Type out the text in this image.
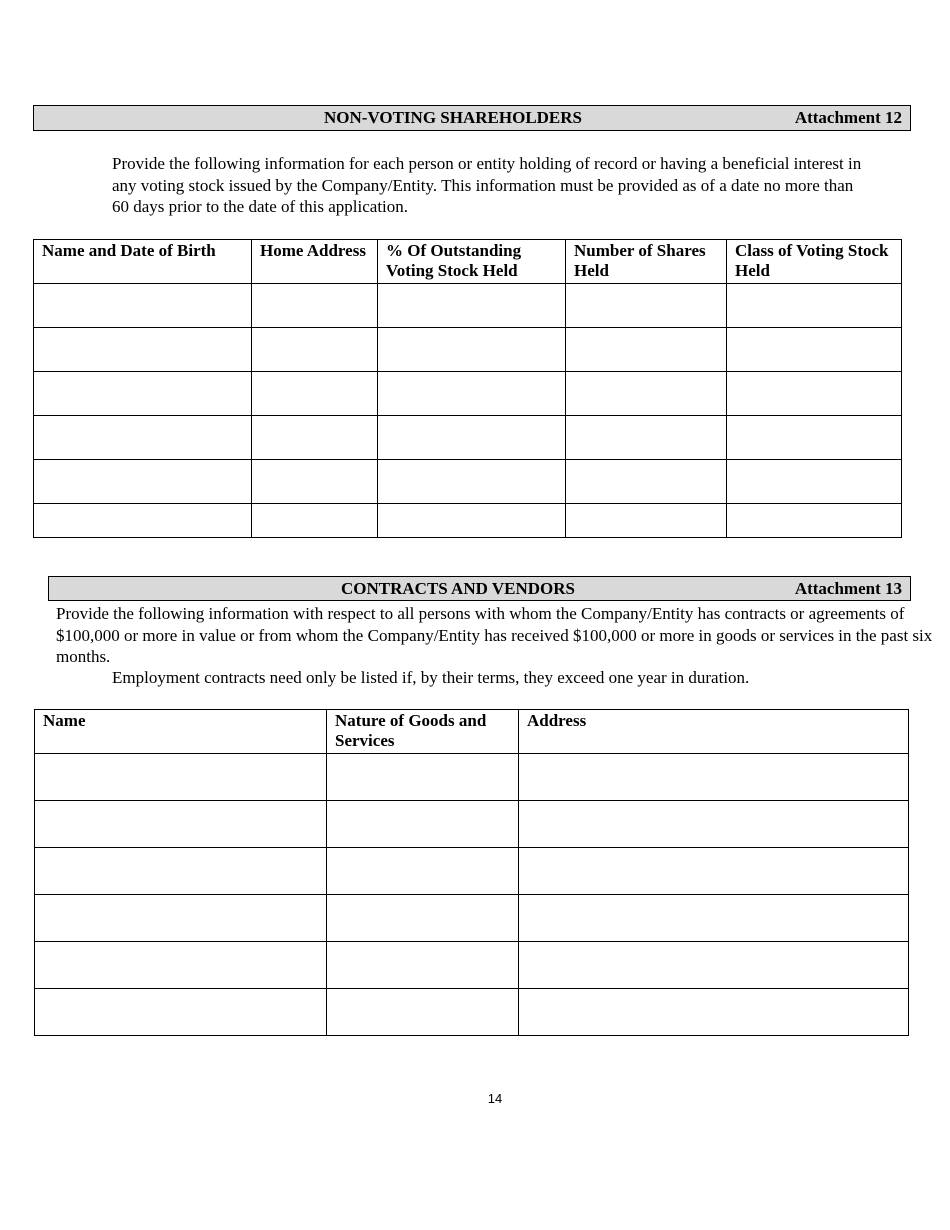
NON-VOTING SHAREHOLDERS	Attachment 12
Provide the following information for each person or entity holding of record or having a beneficial interest in any voting stock issued by the Company/Entity. This information must be provided as of a date no more than 60 days prior to the date of this application.
Name and Date of Birth	Home Address	% Of Outstanding Voting Stock Held	Number of Shares Held	Class of Voting Stock Held

CONTRACTS AND VENDORS	Attachment 13
Provide the following information with respect to all persons with whom the Company/Entity has contracts or agreements of $100,000 or more in value or from whom the Company/Entity has received $100,000 or more in goods or services in the past six months.
Employment contracts need only be listed if, by their terms, they exceed one year in duration.
Name	Nature of Goods and Services	Address

14
